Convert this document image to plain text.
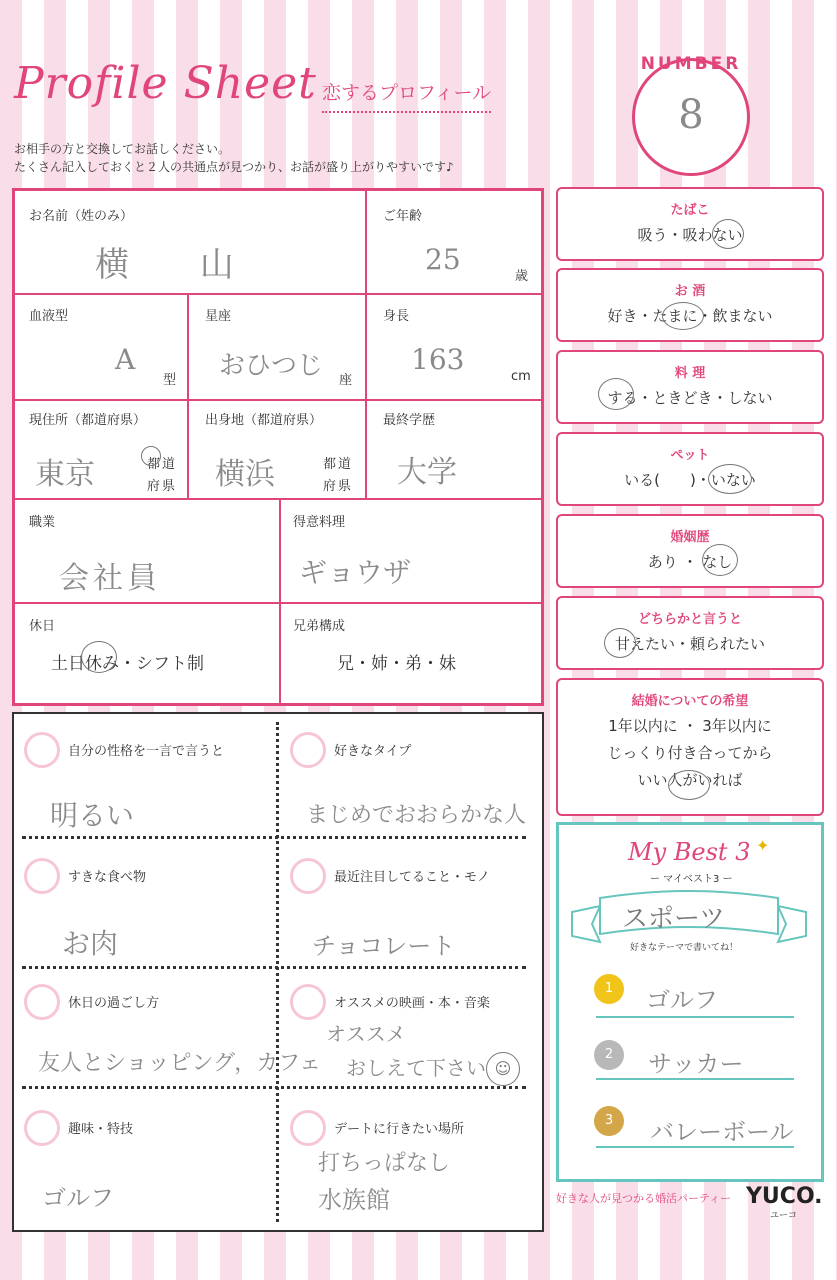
Profile Sheet 恋するプロフィール
お相手の方と交換してお話しください。
たくさん記入しておくと２人の共通点が見つかり、お話が盛り上がりやすいです♪
NUMBER
8
お名前（姓のみ）
横 山
ご年齢
25
歳
血液型
A
型
星座
おひつじ 座
身長
163
cm
現住所（都道府県）
東京	都道
府県
出身地（都道府県）
横浜	都道
府県
最終学歴
大学
職業
会社員
得意料理
ギョウザ
休日
土日休み・シフト制
兄弟構成
兄・姉・弟・妹
たばこ
吸う・吸わない
お 酒
好き・たまに・飲まない
料 理
する・ときどき・しない
ペット
いる(　　)・いない
婚姻歴
あり ・ なし
どちらかと言うと
甘えたい・頼られたい
結婚についての希望
1年以内に ・ 3年以内に
じっくり付き合ってから
いい人がいれば
自分の性格を一言で言うと
明るい
好きなタイプ
まじめでおおらかな人
すきな食べ物
お肉
最近注目してること・モノ
チョコレート
休日の過ごし方
友人とショッピング，カフェ
オススメの映画・本・音楽
オススメ
おしえて下さい ☺
趣味・特技
ゴルフ
デートに行きたい場所
打ちっぱなし
水族館
My Best 3 ✦
ー マイベスト3 ー
スポーツ
好きなテーマで書いてね！
1	ゴルフ
2	サッカー
3	バレーボール
好きな人が見つかる婚活パーティー YUCO.
ユーコ
